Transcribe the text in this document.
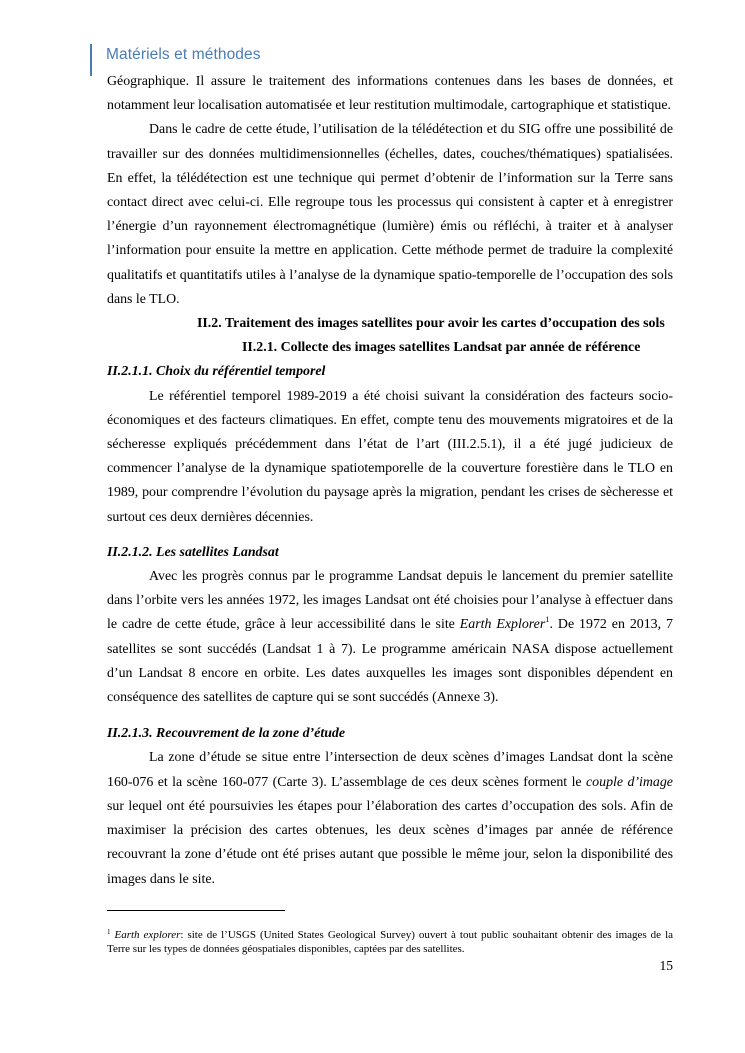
Matériels et méthodes

Géographique. Il assure le traitement des informations contenues dans les bases de données, et notamment leur localisation automatisée et leur restitution multimodale, cartographique et statistique.

Dans le cadre de cette étude, l’utilisation de la télédétection et du SIG offre une possibilité de travailler sur des données multidimensionnelles (échelles, dates, couches/thématiques) spatialisées. En effet, la télédétection est une technique qui permet d’obtenir de l’information sur la Terre sans contact direct avec celui-ci. Elle regroupe tous les processus qui consistent à capter et à enregistrer l’énergie d’un rayonnement électromagnétique (lumière) émis ou réfléchi, à traiter et à analyser l’information pour ensuite la mettre en application. Cette méthode permet de traduire la complexité qualitatifs et quantitatifs utiles à l’analyse de la dynamique spatio-temporelle de l’occupation des sols dans le TLO.

II.2. Traitement des images satellites pour avoir les cartes d’occupation des sols

II.2.1. Collecte des images satellites Landsat par année de référence

II.2.1.1. Choix du référentiel temporel

Le référentiel temporel 1989-2019 a été choisi suivant la considération des facteurs socio-économiques et des facteurs climatiques. En effet, compte tenu des mouvements migratoires et de la sécheresse expliqués précédemment dans l’état de l’art (III.2.5.1), il a été jugé judicieux de commencer l’analyse de la dynamique spatiotemporelle de la couverture forestière dans le TLO en 1989, pour comprendre l’évolution du paysage après la migration, pendant les crises de sècheresse et surtout ces deux dernières décennies.

II.2.1.2. Les satellites Landsat

Avec les progrès connus par le programme Landsat depuis le lancement du premier satellite dans l’orbite vers les années 1972, les images Landsat ont été choisies pour l’analyse à effectuer dans le cadre de cette étude, grâce à leur accessibilité dans le site Earth Explorer$^1$. De 1972 en 2013, 7 satellites se sont succédés (Landsat 1 à 7). Le programme américain NASA dispose actuellement d’un Landsat 8 encore en orbite. Les dates auxquelles les images sont disponibles dépendent en conséquence des satellites de capture qui se sont succédés (Annexe 3).

II.2.1.3. Recouvrement de la zone d’étude

La zone d’étude se situe entre l’intersection de deux scènes d’images Landsat dont la scène 160-076 et la scène 160-077 (Carte 3). L’assemblage de ces deux scènes forment le couple d’image sur lequel ont été poursuivies les étapes pour l’élaboration des cartes d’occupation des sols. Afin de maximiser la précision des cartes obtenues, les deux scènes d’images par année de référence recouvrant la zone d’étude ont été prises autant que possible le même jour, selon la disponibilité des images dans le site.

$^1$ Earth explorer: site de l’USGS (United States Geological Survey) ouvert à tout public souhaitant obtenir des images de la Terre sur les types de données géospatiales disponibles, captées par des satellites.
15
